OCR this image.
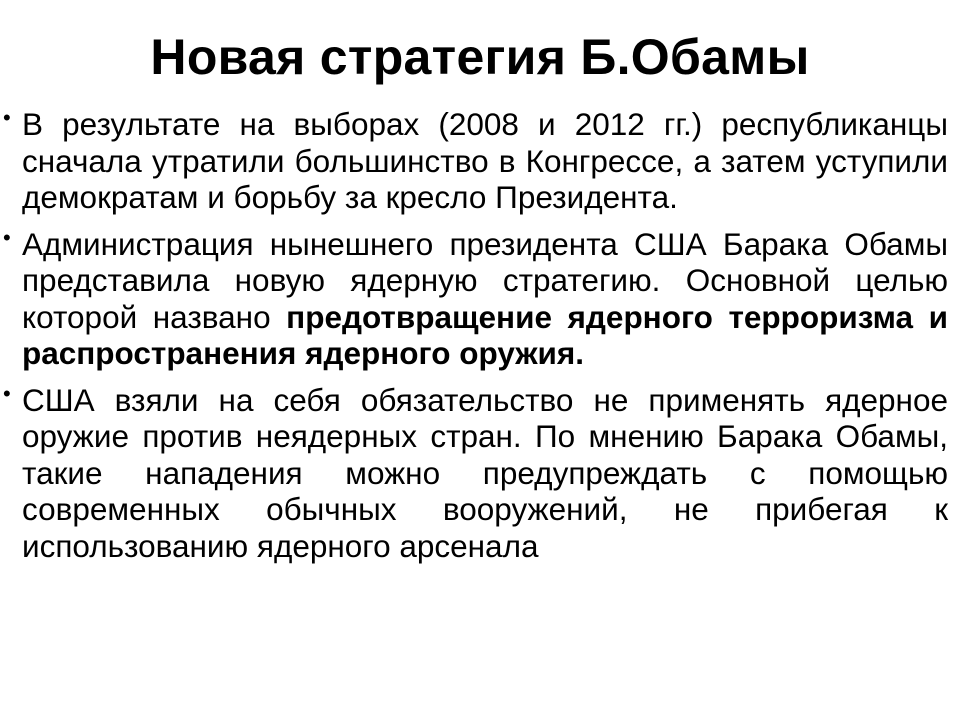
Новая стратегия Б.Обамы
• В результате на выборах (2008 и 2012 гг.) республиканцы сначала утратили большинство в Конгрессе, а затем уступили демократам и борьбу за кресло Президента.
• Администрация нынешнего президента США Барака Обамы представила новую ядерную стратегию. Основной целью которой названо предотвращение ядерного терроризма и распространения ядерного оружия.
• США взяли на себя обязательство не применять ядерное оружие против неядерных стран. По мнению Барака Обамы, такие нападения можно предупреждать с помощью современных обычных вооружений, не прибегая к использованию ядерного арсенала
